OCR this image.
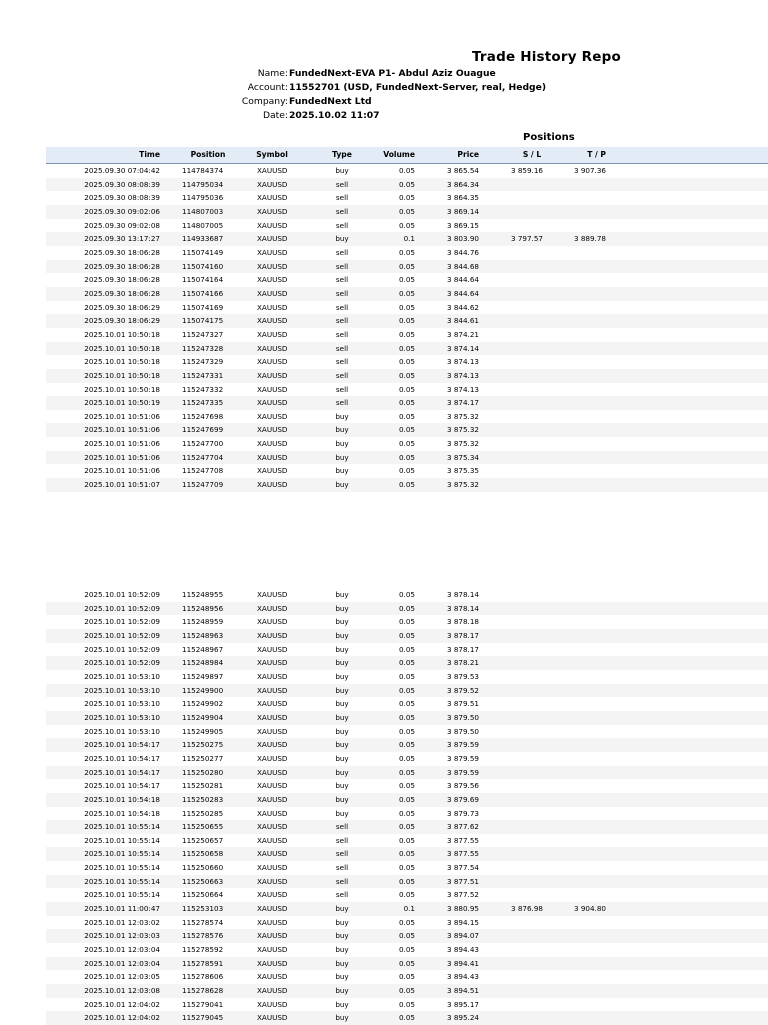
Trade History Repo
Name: FundedNext-EVA P1- Abdul Aziz Ouague
Account: 11552701 (USD, FundedNext-Server, real, Hedge)
Company: FundedNext Ltd
Date: 2025.10.02 11:07
Positions
Time	Position	Symbol	Type	Volume	Price	S / L	T / P
2025.09.30 07:04:42	114784374	XAUUSD	buy	0.05	3 865.54	3 859.16	3 907.36
2025.09.30 08:08:39	114795034	XAUUSD	sell	0.05	3 864.34
2025.09.30 08:08:39	114795036	XAUUSD	sell	0.05	3 864.35
2025.09.30 09:02:06	114807003	XAUUSD	sell	0.05	3 869.14
2025.09.30 09:02:08	114807005	XAUUSD	sell	0.05	3 869.15
2025.09.30 13:17:27	114933687	XAUUSD	buy	0.1	3 803.90	3 797.57	3 889.78
2025.09.30 18:06:28	115074149	XAUUSD	sell	0.05	3 844.76
2025.09.30 18:06:28	115074160	XAUUSD	sell	0.05	3 844.68
2025.09.30 18:06:28	115074164	XAUUSD	sell	0.05	3 844.64
2025.09.30 18:06:28	115074166	XAUUSD	sell	0.05	3 844.64
2025.09.30 18:06:29	115074169	XAUUSD	sell	0.05	3 844.62
2025.09.30 18:06:29	115074175	XAUUSD	sell	0.05	3 844.61
2025.10.01 10:50:18	115247327	XAUUSD	sell	0.05	3 874.21
2025.10.01 10:50:18	115247328	XAUUSD	sell	0.05	3 874.14
2025.10.01 10:50:18	115247329	XAUUSD	sell	0.05	3 874.13
2025.10.01 10:50:18	115247331	XAUUSD	sell	0.05	3 874.13
2025.10.01 10:50:18	115247332	XAUUSD	sell	0.05	3 874.13
2025.10.01 10:50:19	115247335	XAUUSD	sell	0.05	3 874.17
2025.10.01 10:51:06	115247698	XAUUSD	buy	0.05	3 875.32
2025.10.01 10:51:06	115247699	XAUUSD	buy	0.05	3 875.32
2025.10.01 10:51:06	115247700	XAUUSD	buy	0.05	3 875.32
2025.10.01 10:51:06	115247704	XAUUSD	buy	0.05	3 875.34
2025.10.01 10:51:06	115247708	XAUUSD	buy	0.05	3 875.35
2025.10.01 10:51:07	115247709	XAUUSD	buy	0.05	3 875.32
2025.10.01 10:52:09	115248955	XAUUSD	buy	0.05	3 878.14
2025.10.01 10:52:09	115248956	XAUUSD	buy	0.05	3 878.14
2025.10.01 10:52:09	115248959	XAUUSD	buy	0.05	3 878.18
2025.10.01 10:52:09	115248963	XAUUSD	buy	0.05	3 878.17
2025.10.01 10:52:09	115248967	XAUUSD	buy	0.05	3 878.17
2025.10.01 10:52:09	115248984	XAUUSD	buy	0.05	3 878.21
2025.10.01 10:53:10	115249897	XAUUSD	buy	0.05	3 879.53
2025.10.01 10:53:10	115249900	XAUUSD	buy	0.05	3 879.52
2025.10.01 10:53:10	115249902	XAUUSD	buy	0.05	3 879.51
2025.10.01 10:53:10	115249904	XAUUSD	buy	0.05	3 879.50
2025.10.01 10:53:10	115249905	XAUUSD	buy	0.05	3 879.50
2025.10.01 10:54:17	115250275	XAUUSD	buy	0.05	3 879.59
2025.10.01 10:54:17	115250277	XAUUSD	buy	0.05	3 879.59
2025.10.01 10:54:17	115250280	XAUUSD	buy	0.05	3 879.59
2025.10.01 10:54:17	115250281	XAUUSD	buy	0.05	3 879.56
2025.10.01 10:54:18	115250283	XAUUSD	buy	0.05	3 879.69
2025.10.01 10:54:18	115250285	XAUUSD	buy	0.05	3 879.73
2025.10.01 10:55:14	115250655	XAUUSD	sell	0.05	3 877.62
2025.10.01 10:55:14	115250657	XAUUSD	sell	0.05	3 877.55
2025.10.01 10:55:14	115250658	XAUUSD	sell	0.05	3 877.55
2025.10.01 10:55:14	115250660	XAUUSD	sell	0.05	3 877.54
2025.10.01 10:55:14	115250663	XAUUSD	sell	0.05	3 877.51
2025.10.01 10:55:14	115250664	XAUUSD	sell	0.05	3 877.52
2025.10.01 11:00:47	115253103	XAUUSD	buy	0.1	3 880.95	3 876.98	3 904.80
2025.10.01 12:03:02	115278574	XAUUSD	buy	0.05	3 894.15
2025.10.01 12:03:03	115278576	XAUUSD	buy	0.05	3 894.07
2025.10.01 12:03:04	115278592	XAUUSD	buy	0.05	3 894.43
2025.10.01 12:03:04	115278591	XAUUSD	buy	0.05	3 894.41
2025.10.01 12:03:05	115278606	XAUUSD	buy	0.05	3 894.43
2025.10.01 12:03:08	115278628	XAUUSD	buy	0.05	3 894.51
2025.10.01 12:04:02	115279041	XAUUSD	buy	0.05	3 895.17
2025.10.01 12:04:02	115279045	XAUUSD	buy	0.05	3 895.24
